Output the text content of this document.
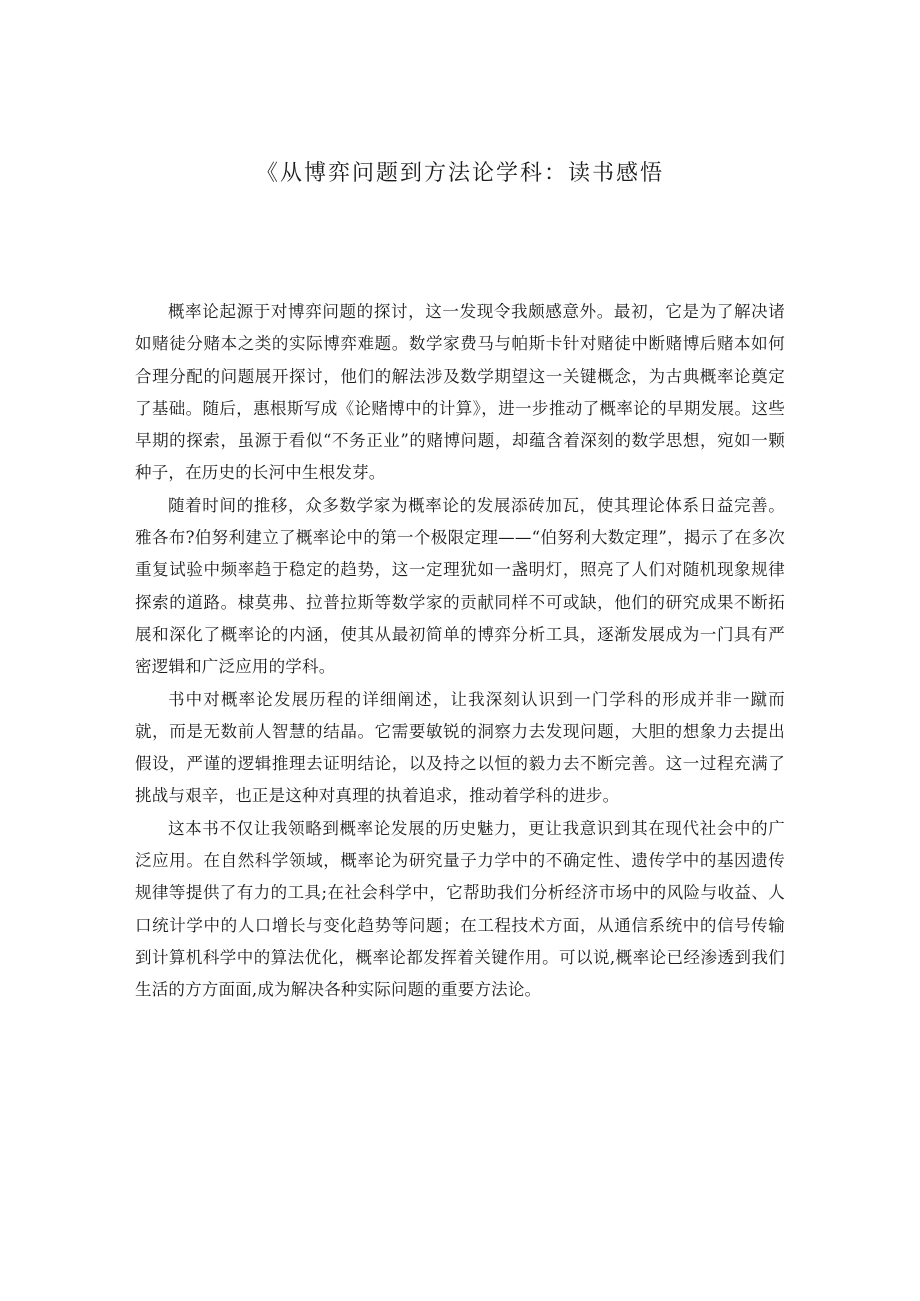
《从博弈问题到方法论学科：读书感悟

概率论起源于对博弈问题的探讨，这一发现令我颇感意外。最初，它是为了解决诸如赌徒分赌本之类的实际博弈难题。数学家费马与帕斯卡针对赌徒中断赌博后赌本如何合理分配的问题展开探讨，他们的解法涉及数学期望这一关键概念，为古典概率论奠定了基础。随后，惠根斯写成《论赌博中的计算》，进一步推动了概率论的早期发展。这些早期的探索，虽源于看似“不务正业”的赌博问题，却蕴含着深刻的数学思想，宛如一颗种子，在历史的长河中生根发芽。

随着时间的推移，众多数学家为概率论的发展添砖加瓦，使其理论体系日益完善。雅各布?伯努利建立了概率论中的第一个极限定理——“伯努利大数定理”，揭示了在多次重复试验中频率趋于稳定的趋势，这一定理犹如一盏明灯，照亮了人们对随机现象规律探索的道路。棣莫弗、拉普拉斯等数学家的贡献同样不可或缺，他们的研究成果不断拓展和深化了概率论的内涵，使其从最初简单的博弈分析工具，逐渐发展成为一门具有严密逻辑和广泛应用的学科。

书中对概率论发展历程的详细阐述，让我深刻认识到一门学科的形成并非一蹴而就，而是无数前人智慧的结晶。它需要敏锐的洞察力去发现问题，大胆的想象力去提出假设，严谨的逻辑推理去证明结论，以及持之以恒的毅力去不断完善。这一过程充满了挑战与艰辛，也正是这种对真理的执着追求，推动着学科的进步。

这本书不仅让我领略到概率论发展的历史魅力，更让我意识到其在现代社会中的广泛应用。在自然科学领域，概率论为研究量子力学中的不确定性、遗传学中的基因遗传规律等提供了有力的工具;在社会科学中，它帮助我们分析经济市场中的风险与收益、人口统计学中的人口增长与变化趋势等问题；在工程技术方面，从通信系统中的信号传输到计算机科学中的算法优化，概率论都发挥着关键作用。可以说,概率论已经渗透到我们生活的方方面面,成为解决各种实际问题的重要方法论。
